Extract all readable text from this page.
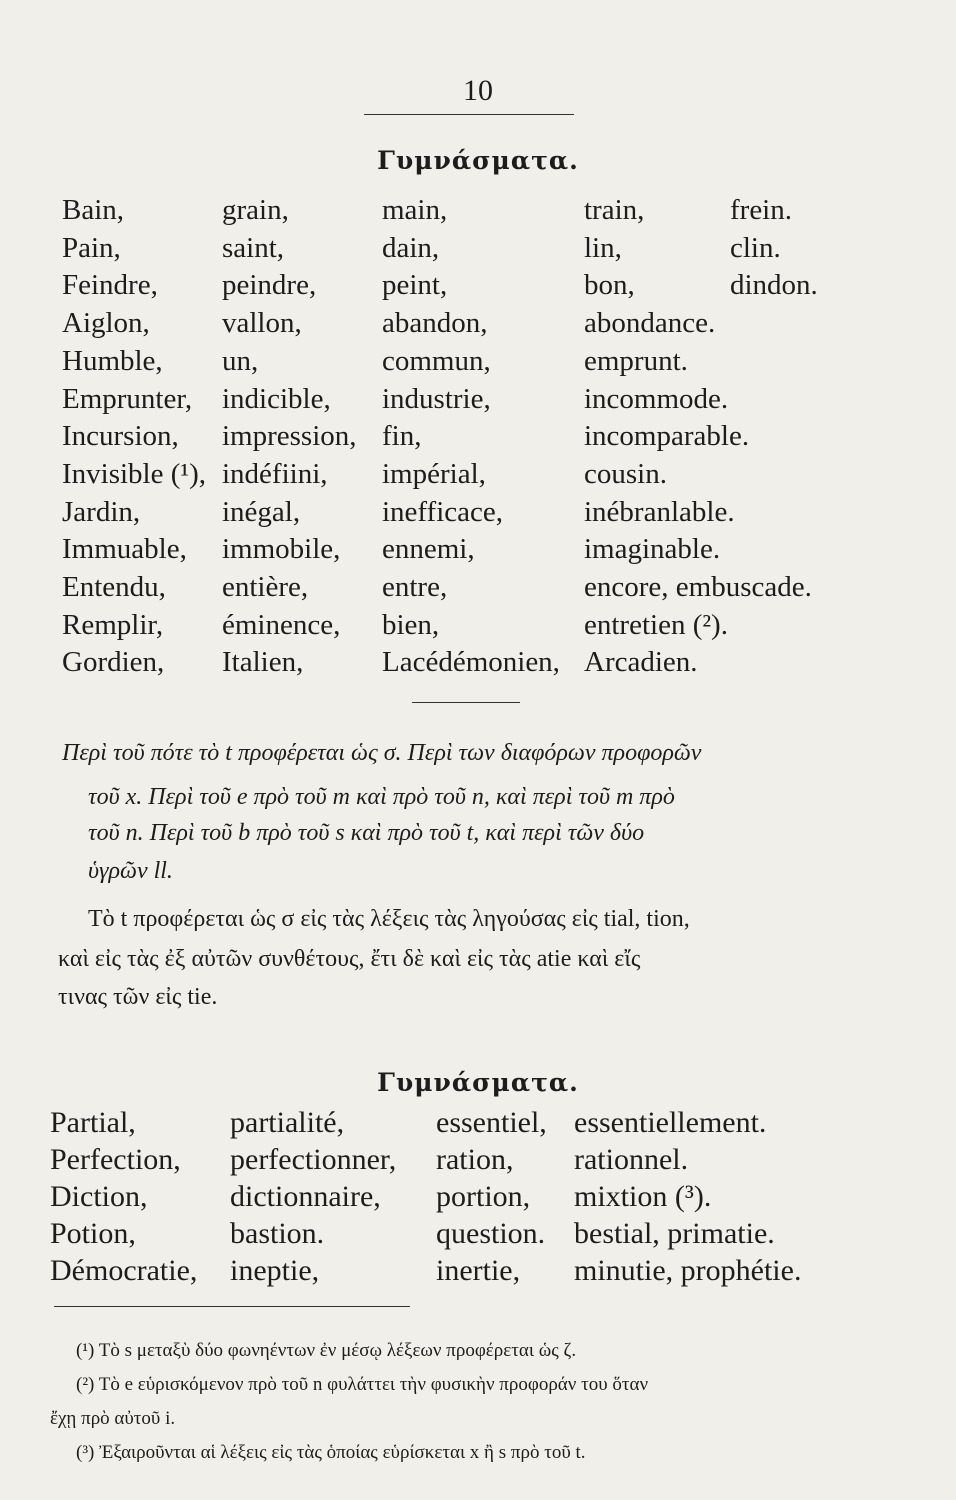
10
Γυμνάσματα.
Bain,	grain,	main,	train,	frein.
Pain,	saint,	dain,	lin,	clin.
Feindre, peindre, peint,	bon,	dindon.
Aiglon, vallon,	abandon,	abondance.
Humble, un,	commun,	emprunt.
Emprunter, indicible, industrie,	incommode.
Incursion, impression, fin,	incomparable.
Invisible (¹), indéfiini, impérial,	cousin.
Jardin,	inégal,	inefficace,	inébranlable.
Immuable, immobile, ennemi,	imaginable.
Entendu, entière,	entre,	encore, embuscade.
Remplir, éminence, bien,	entretien (²).
Gordien, Italien,	Lacédémonien, Arcadien.
Περὶ τοῦ πότε τὸ t προφέρεται ὡς σ. Περὶ των διαφόρων προφορῶν
τοῦ x. Περὶ τοῦ e πρὸ τοῦ m καὶ πρὸ τοῦ n, καὶ περὶ τοῦ m πρὸ
τοῦ n. Περὶ τοῦ b πρὸ τοῦ s καὶ πρὸ τοῦ t, καὶ περὶ τῶν δύο
ὑγρῶν ll.
Τὸ t προφέρεται ὡς σ εἰς τὰς λέξεις τὰς ληγούσας εἰς tial, tion,
καὶ εἰς τὰς ἐξ αὐτῶν συνθέτους, ἔτι δὲ καὶ εἰς τὰς atie καὶ εἴς
τινας τῶν εἰς tie.
Γυμνάσματα.
Partial,	partialité,	essentiel, essentiellement.
Perfection, perfectionner, ration, rationnel.
Diction,	dictionnaire, portion, mixtion (³).
Potion,	bastion.	question. bestial, primatie.
Démocratie, ineptie,	inertie, minutie, prophétie.
(¹) Τὸ s μεταξὺ δύο φωνηέντων ἐν μέσῳ λέξεων προφέρεται ὡς ζ.
(²) Τὸ e εὑρισκόμενον πρὸ τοῦ n φυλάττει τὴν φυσικὴν προφοράν του ὅταν
ἔχῃ πρὸ αὐτοῦ i.
(³) Ἐξαιροῦνται αἱ λέξεις εἰς τὰς ὁποίας εὑρίσκεται x ἢ s πρὸ τοῦ t.
